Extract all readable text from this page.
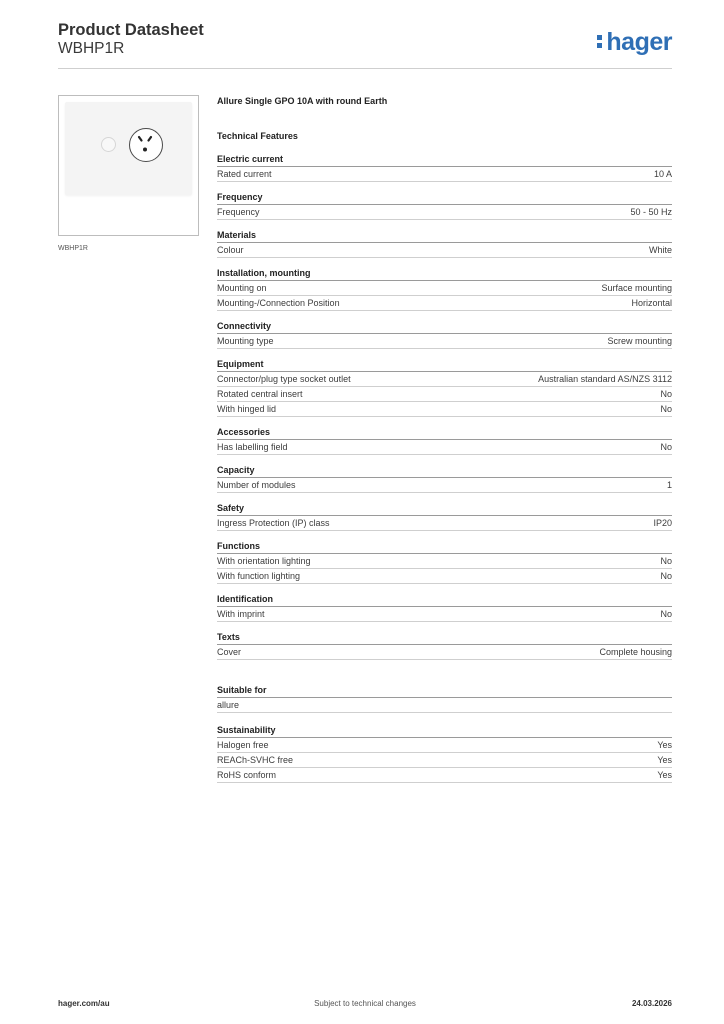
Product Datasheet
WBHP1R	hager
WBHP1R
Allure Single GPO 10A with round Earth
Technical Features
Electric current
Rated current	10 A
Frequency
Frequency	50 - 50 Hz
Materials
Colour	White
Installation, mounting
Mounting on	Surface mounting
Mounting-/Connection Position	Horizontal
Connectivity
Mounting type	Screw mounting
Equipment
Connector/plug type socket outlet	Australian standard AS/NZS 3112
Rotated central insert	No
With hinged lid	No
Accessories
Has labelling field	No
Capacity
Number of modules	1
Safety
Ingress Protection (IP) class	IP20
Functions
With orientation lighting	No
With function lighting	No
Identification
With imprint	No
Texts
Cover	Complete housing
Suitable for
allure
Sustainability
Halogen free	Yes
REACh-SVHC free	Yes
RoHS conform	Yes
hager.com/au	Subject to technical changes	24.03.2026
